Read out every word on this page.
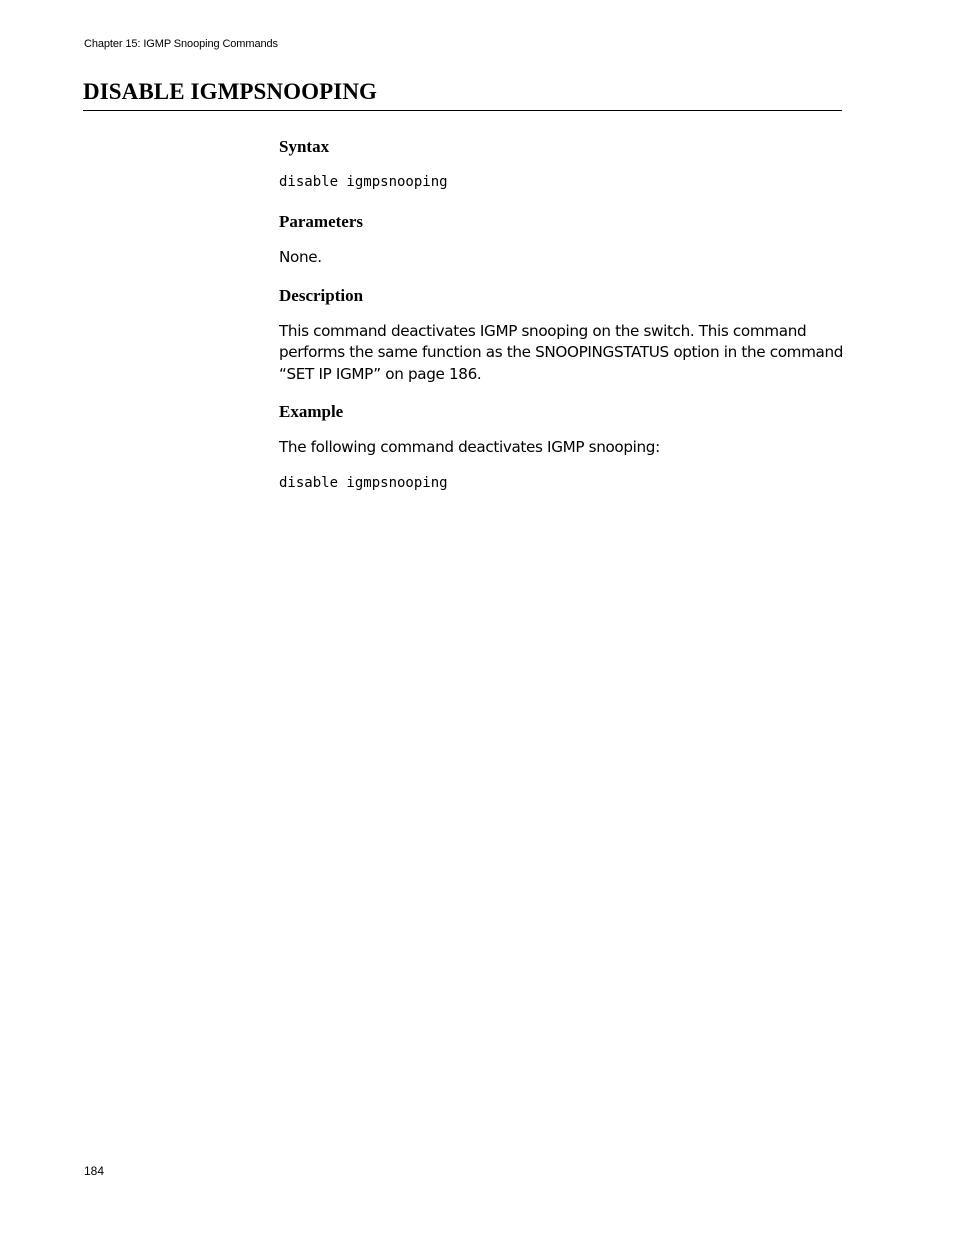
Chapter 15: IGMP Snooping Commands
DISABLE IGMPSNOOPING
Syntax

disable igmpsnooping

Parameters

None.

Description

This command deactivates IGMP snooping on the switch. This command performs the same function as the SNOOPINGSTATUS option in the command “SET IP IGMP” on page 186.

Example

The following command deactivates IGMP snooping:

disable igmpsnooping

184
